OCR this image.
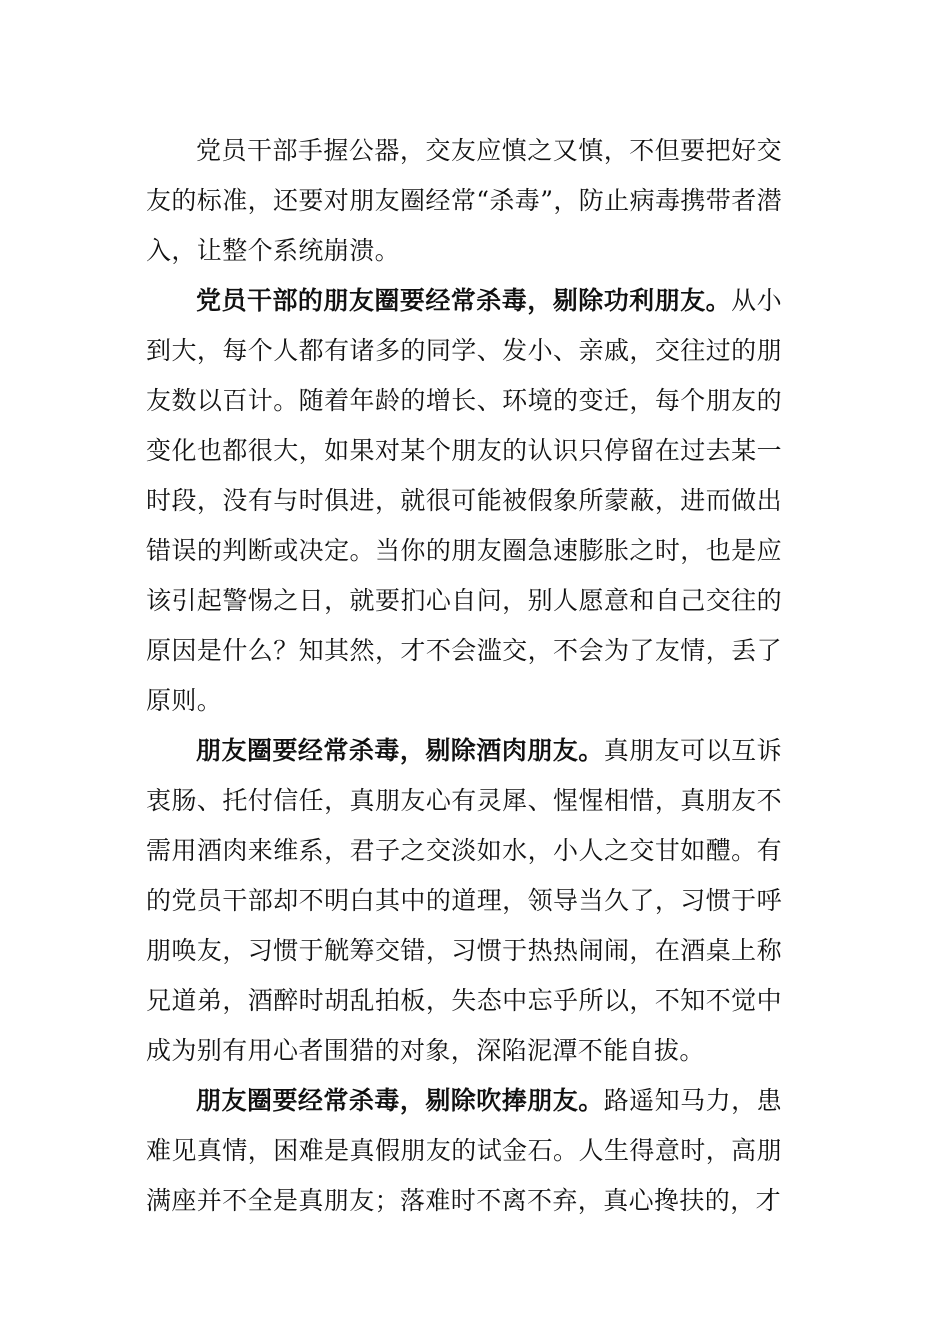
党员干部手握公器，交友应慎之又慎，不但要把好交友的标准，还要对朋友圈经常“杀毒”，防止病毒携带者潜入，让整个系统崩溃。

党员干部的朋友圈要经常杀毒，剔除功利朋友。从小到大，每个人都有诸多的同学、发小、亲戚，交往过的朋友数以百计。随着年龄的增长、环境的变迁，每个朋友的变化也都很大，如果对某个朋友的认识只停留在过去某一时段，没有与时俱进，就很可能被假象所蒙蔽，进而做出错误的判断或决定。当你的朋友圈急速膨胀之时，也是应该引起警惕之日，就要扪心自问，别人愿意和自己交往的原因是什么？知其然，才不会滥交，不会为了友情，丢了原则。

朋友圈要经常杀毒，剔除酒肉朋友。真朋友可以互诉衷肠、托付信任，真朋友心有灵犀、惺惺相惜，真朋友不需用酒肉来维系，君子之交淡如水，小人之交甘如醴。有的党员干部却不明白其中的道理，领导当久了，习惯于呼朋唤友，习惯于觥筹交错，习惯于热热闹闹，在酒桌上称兄道弟，酒醉时胡乱拍板，失态中忘乎所以，不知不觉中成为别有用心者围猎的对象，深陷泥潭不能自拔。

朋友圈要经常杀毒，剔除吹捧朋友。路遥知马力，患难见真情，困难是真假朋友的试金石。人生得意时，高朋满座并不全是真朋友；落难时不离不弃，真心搀扶的，才
